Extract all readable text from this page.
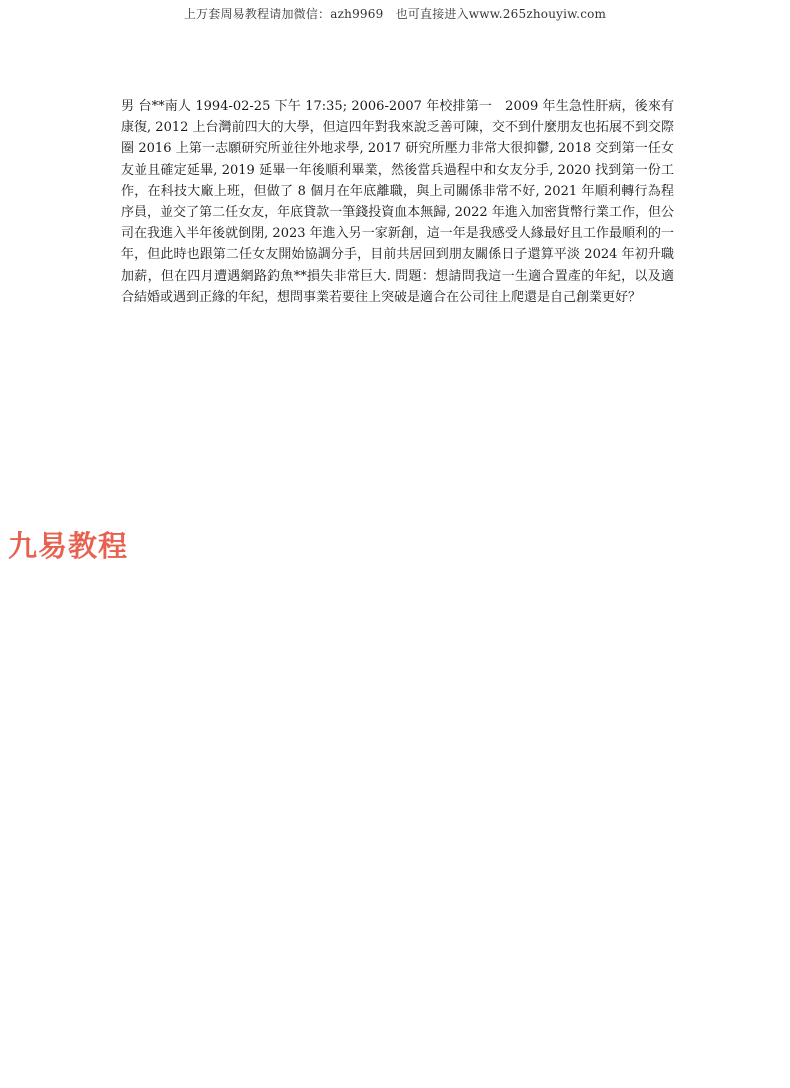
上万套周易教程请加微信：azh9969　也可直接进入www.265zhouyiw.com

男 台**南人 1994-02-25 下午 17:35; 2006-2007 年校排第一　2009 年生急性肝病，後來有康復, 2012 上台灣前四大的大學，但這四年對我來說乏善可陳，交不到什麼朋友也拓展不到交際圈 2016 上第一志願研究所並往外地求學, 2017 研究所壓力非常大很抑鬱, 2018 交到第一任女友並且確定延畢, 2019 延畢一年後順利畢業，然後當兵過程中和女友分手, 2020 找到第一份工作，在科技大廠上班，但做了 8 個月在年底離職，與上司關係非常不好, 2021 年順利轉行為程序員，並交了第二任女友，年底貸款一筆錢投資血本無歸, 2022 年進入加密貨幣行業工作，但公司在我進入半年後就倒閉, 2023 年進入另一家新創，這一年是我感受人緣最好且工作最順利的一年，但此時也跟第二任女友開始協調分手，目前共居回到朋友關係日子還算平淡 2024 年初升職加薪，但在四月遭遇網路釣魚**損失非常巨大. 問題：想請問我這一生適合置產的年紀，以及適合結婚或遇到正緣的年紀，想問事業若要往上突破是適合在公司往上爬還是自己創業更好？

九易教程
